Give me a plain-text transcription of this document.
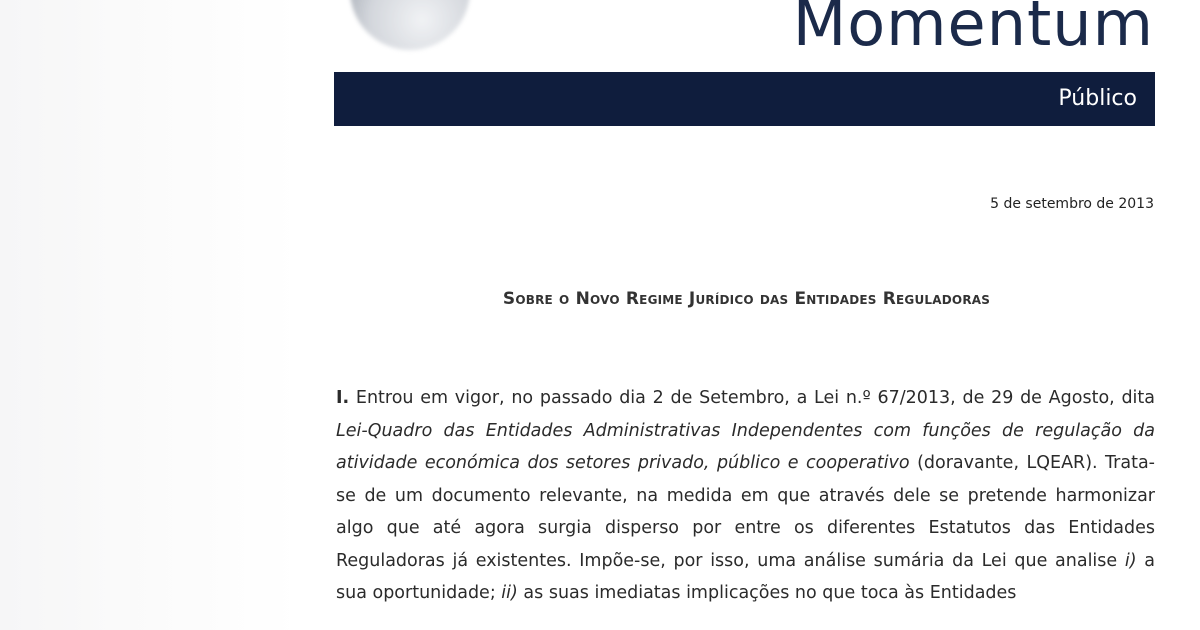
Momentum
Público
5 de setembro de 2013
Sobre o Novo Regime Jurídico das Entidades Reguladoras

I. Entrou em vigor, no passado dia 2 de Setembro, a Lei n.º 67/2013, de 29 de Agosto, dita Lei-Quadro das Entidades Administrativas Independentes com funções de regulação da atividade económica dos setores privado, público e cooperativo (doravante, LQEAR). Trata-se de um documento relevante, na medida em que através dele se pretende harmonizar algo que até agora surgia disperso por entre os diferentes Estatutos das Entidades Reguladoras já existentes. Impõe-se, por isso, uma análise sumária da Lei que analise i) a sua oportunidade; ii) as suas imediatas implicações no que toca às Entidades
